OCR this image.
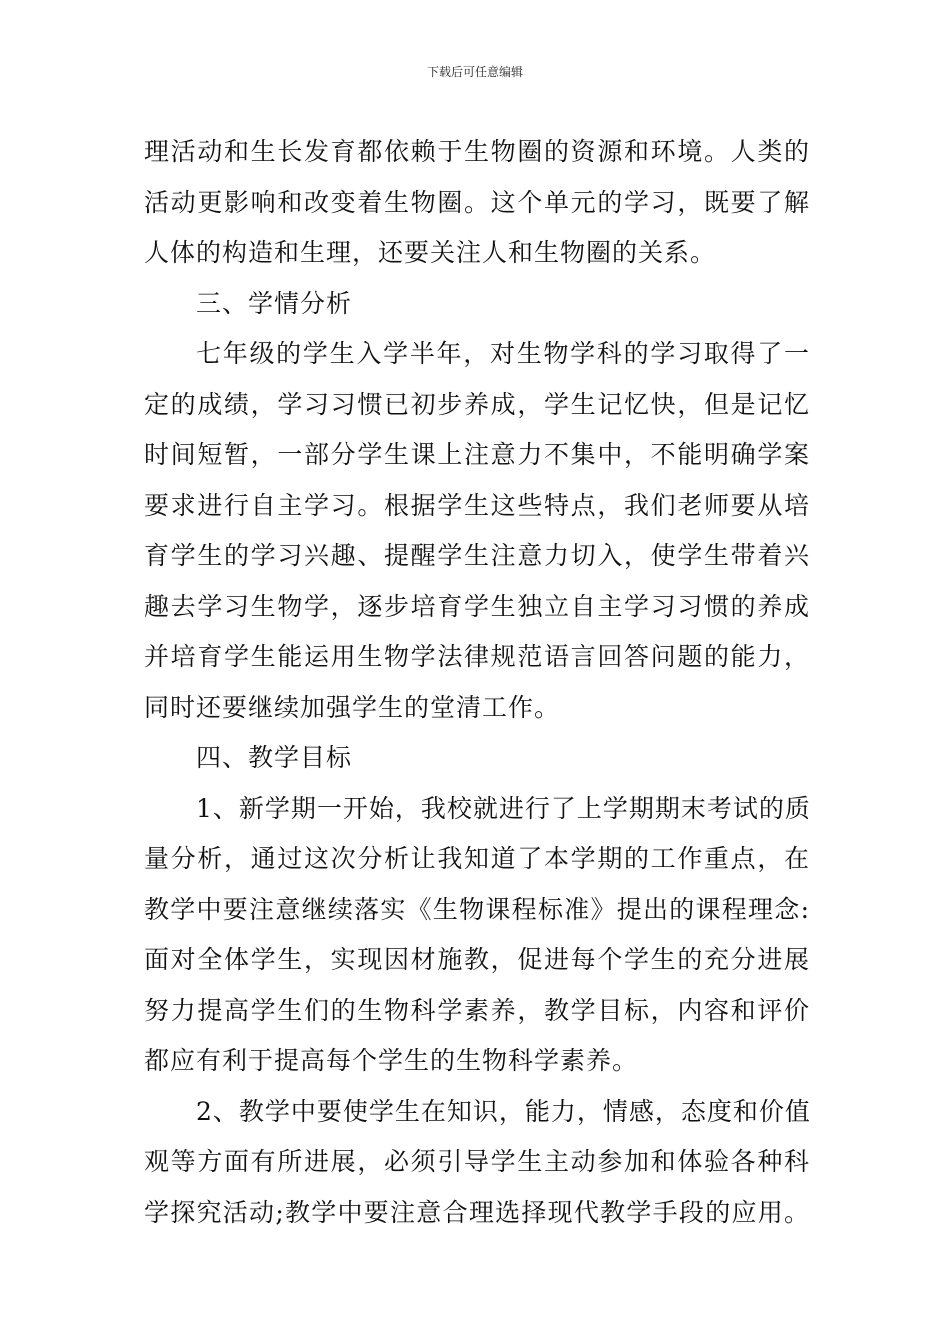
下载后可任意编辑
理活动和生长发育都依赖于生物圈的资源和环境。人类的
活动更影响和改变着生物圈。这个单元的学习，既要了解
人体的构造和生理，还要关注人和生物圈的关系。
三、学情分析
七年级的学生入学半年，对生物学科的学习取得了一
定的成绩，学习习惯已初步养成，学生记忆快，但是记忆
时间短暂，一部分学生课上注意力不集中，不能明确学案
要求进行自主学习。根据学生这些特点，我们老师要从培
育学生的学习兴趣、提醒学生注意力切入，使学生带着兴
趣去学习生物学，逐步培育学生独立自主学习习惯的养成
并培育学生能运用生物学法律规范语言回答问题的能力，
同时还要继续加强学生的堂清工作。
四、教学目标
1、新学期一开始，我校就进行了上学期期末考试的质
量分析，通过这次分析让我知道了本学期的工作重点，在
教学中要注意继续落实《生物课程标准》提出的课程理念:
面对全体学生，实现因材施教，促进每个学生的充分进展
努力提高学生们的生物科学素养，教学目标，内容和评价
都应有利于提高每个学生的生物科学素养。
2、教学中要使学生在知识，能力，情感，态度和价值
观等方面有所进展，必须引导学生主动参加和体验各种科
学探究活动;教学中要注意合理选择现代教学手段的应用。
